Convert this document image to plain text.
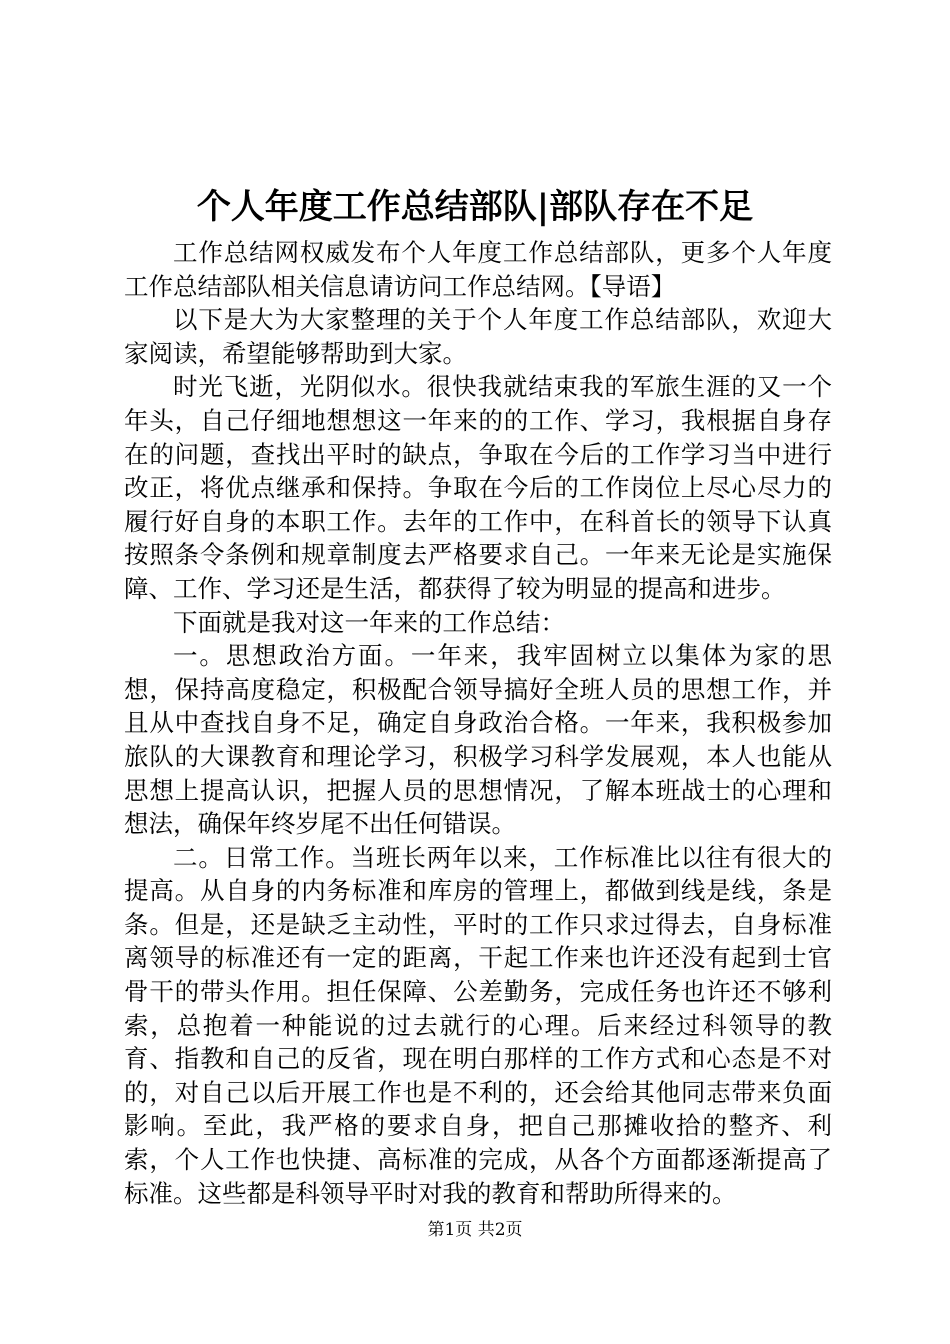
个人年度工作总结部队|部队存在不足

工作总结网权威发布个人年度工作总结部队，更多个人年度工作总结部队相关信息请访问工作总结网。【导语】

以下是大为大家整理的关于个人年度工作总结部队，欢迎大家阅读，希望能够帮助到大家。

时光飞逝，光阴似水。很快我就结束我的军旅生涯的又一个年头，自己仔细地想想这一年来的的工作、学习，我根据自身存在的问题，查找出平时的缺点，争取在今后的工作学习当中进行改正，将优点继承和保持。争取在今后的工作岗位上尽心尽力的履行好自身的本职工作。去年的工作中，在科首长的领导下认真按照条令条例和规章制度去严格要求自己。一年来无论是实施保障、工作、学习还是生活，都获得了较为明显的提高和进步。

下面就是我对这一年来的工作总结：

一。思想政治方面。一年来，我牢固树立以集体为家的思想，保持高度稳定，积极配合领导搞好全班人员的思想工作，并且从中查找自身不足，确定自身政治合格。一年来，我积极参加旅队的大课教育和理论学习，积极学习科学发展观，本人也能从思想上提高认识，把握人员的思想情况，了解本班战士的心理和想法，确保年终岁尾不出任何错误。

二。日常工作。当班长两年以来，工作标准比以往有很大的提高。从自身的内务标准和库房的管理上，都做到线是线，条是条。但是，还是缺乏主动性，平时的工作只求过得去，自身标准离领导的标准还有一定的距离，干起工作来也许还没有起到士官骨干的带头作用。担任保障、公差勤务，完成任务也许还不够利索，总抱着一种能说的过去就行的心理。后来经过科领导的教育、指教和自己的反省，现在明白那样的工作方式和心态是不对的，对自己以后开展工作也是不利的，还会给其他同志带来负面影响。至此，我严格的要求自身，把自己那摊收拾的整齐、利索，个人工作也快捷、高标准的完成，从各个方面都逐渐提高了标准。这些都是科领导平时对我的教育和帮助所得来的。

第1页 共2页
